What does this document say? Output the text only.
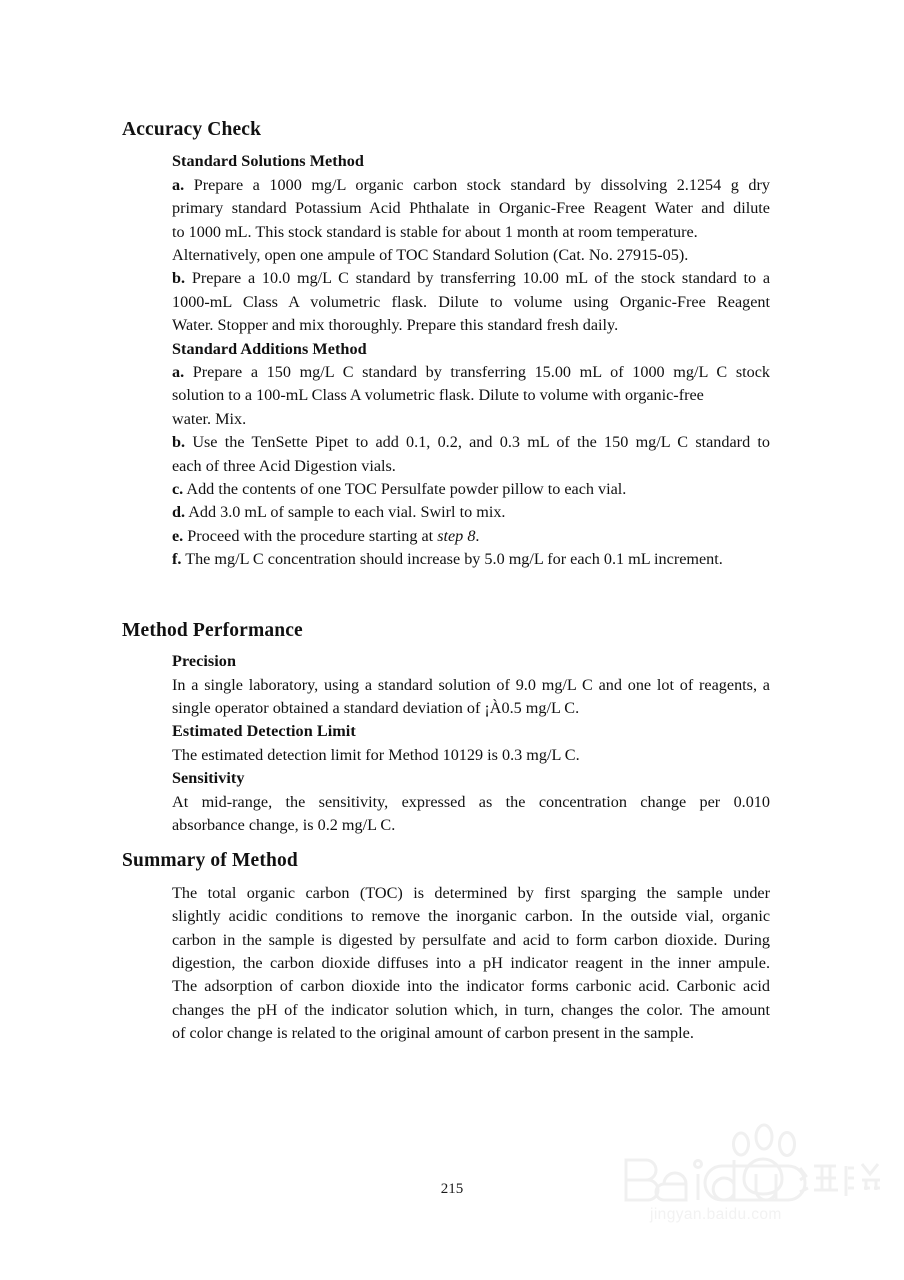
Accuracy Check
Standard Solutions Method

a. Prepare a 1000 mg/L organic carbon stock standard by dissolving 2.1254 g dry
primary standard Potassium Acid Phthalate in Organic-Free Reagent Water and dilute
to 1000 mL. This stock standard is stable for about 1 month at room temperature.
Alternatively, open one ampule of TOC Standard Solution (Cat. No. 27915-05).

b. Prepare a 10.0 mg/L C standard by transferring 10.00 mL of the stock standard to a
1000-mL Class A volumetric flask. Dilute to volume using Organic-Free Reagent
Water. Stopper and mix thoroughly. Prepare this standard fresh daily.

Standard Additions Method

a. Prepare a 150 mg/L C standard by transferring 15.00 mL of 1000 mg/L C stock
solution to a 100-mL Class A volumetric flask. Dilute to volume with organic-free
water. Mix.

b. Use the TenSette Pipet to add 0.1, 0.2, and 0.3 mL of the 150 mg/L C standard to
each of three Acid Digestion vials.

c. Add the contents of one TOC Persulfate powder pillow to each vial.

d. Add 3.0 mL of sample to each vial. Swirl to mix.

e. Proceed with the procedure starting at step 8.

f. The mg/L C concentration should increase by 5.0 mg/L for each 0.1 mL increment.

Method Performance
Precision

In a single laboratory, using a standard solution of 9.0 mg/L C and one lot of reagents, a single operator obtained a standard deviation of ¡À0.5 mg/L C.

Estimated Detection Limit

The estimated detection limit for Method 10129 is 0.3 mg/L C.

Sensitivity

At mid-range, the sensitivity, expressed as the concentration change per 0.010
absorbance change, is 0.2 mg/L C.

Summary of Method

The total organic carbon (TOC) is determined by first sparging the sample under
slightly acidic conditions to remove the inorganic carbon. In the outside vial, organic
carbon in the sample is digested by persulfate and acid to form carbon dioxide. During
digestion, the carbon dioxide diffuses into a pH indicator reagent in the inner ampule.
The adsorption of carbon dioxide into the indicator forms carbonic acid. Carbonic acid
changes the pH of the indicator solution which, in turn, changes the color. The amount
of color change is related to the original amount of carbon present in the sample.

215
jingyan.baidu.com
